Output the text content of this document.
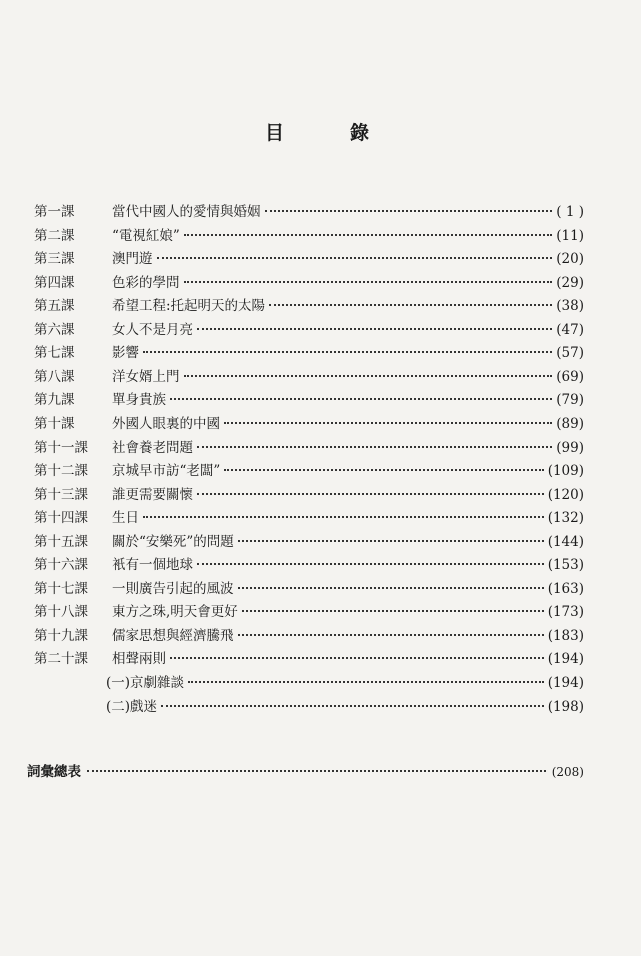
目	錄
第一課	當代中國人的愛情與婚姻	( 1 )
第二課	“電視紅娘”	(11)
第三課	澳門遊	(20)
第四課	色彩的學問	(29)
第五課	希望工程:托起明天的太陽	(38)
第六課	女人不是月亮	(47)
第七課	影響	(57)
第八課	洋女婿上門	(69)
第九課	單身貴族	(79)
第十課	外國人眼裏的中國	(89)
第十一課 社會養老問題	(99)
第十二課 京城早市訪“老闆”	(109)
第十三課 誰更需要關懷	(120)
第十四課 生日	(132)
第十五課 關於“安樂死”的問題	(144)
第十六課 衹有一個地球	(153)
第十七課 一則廣告引起的風波	(163)
第十八課 東方之珠,明天會更好	(173)
第十九課 儒家思想與經濟騰飛	(183)
第二十課 相聲兩則	(194)
(一)京劇雜談	(194)
(二)戲迷	(198)
詞彙總表	(208)
